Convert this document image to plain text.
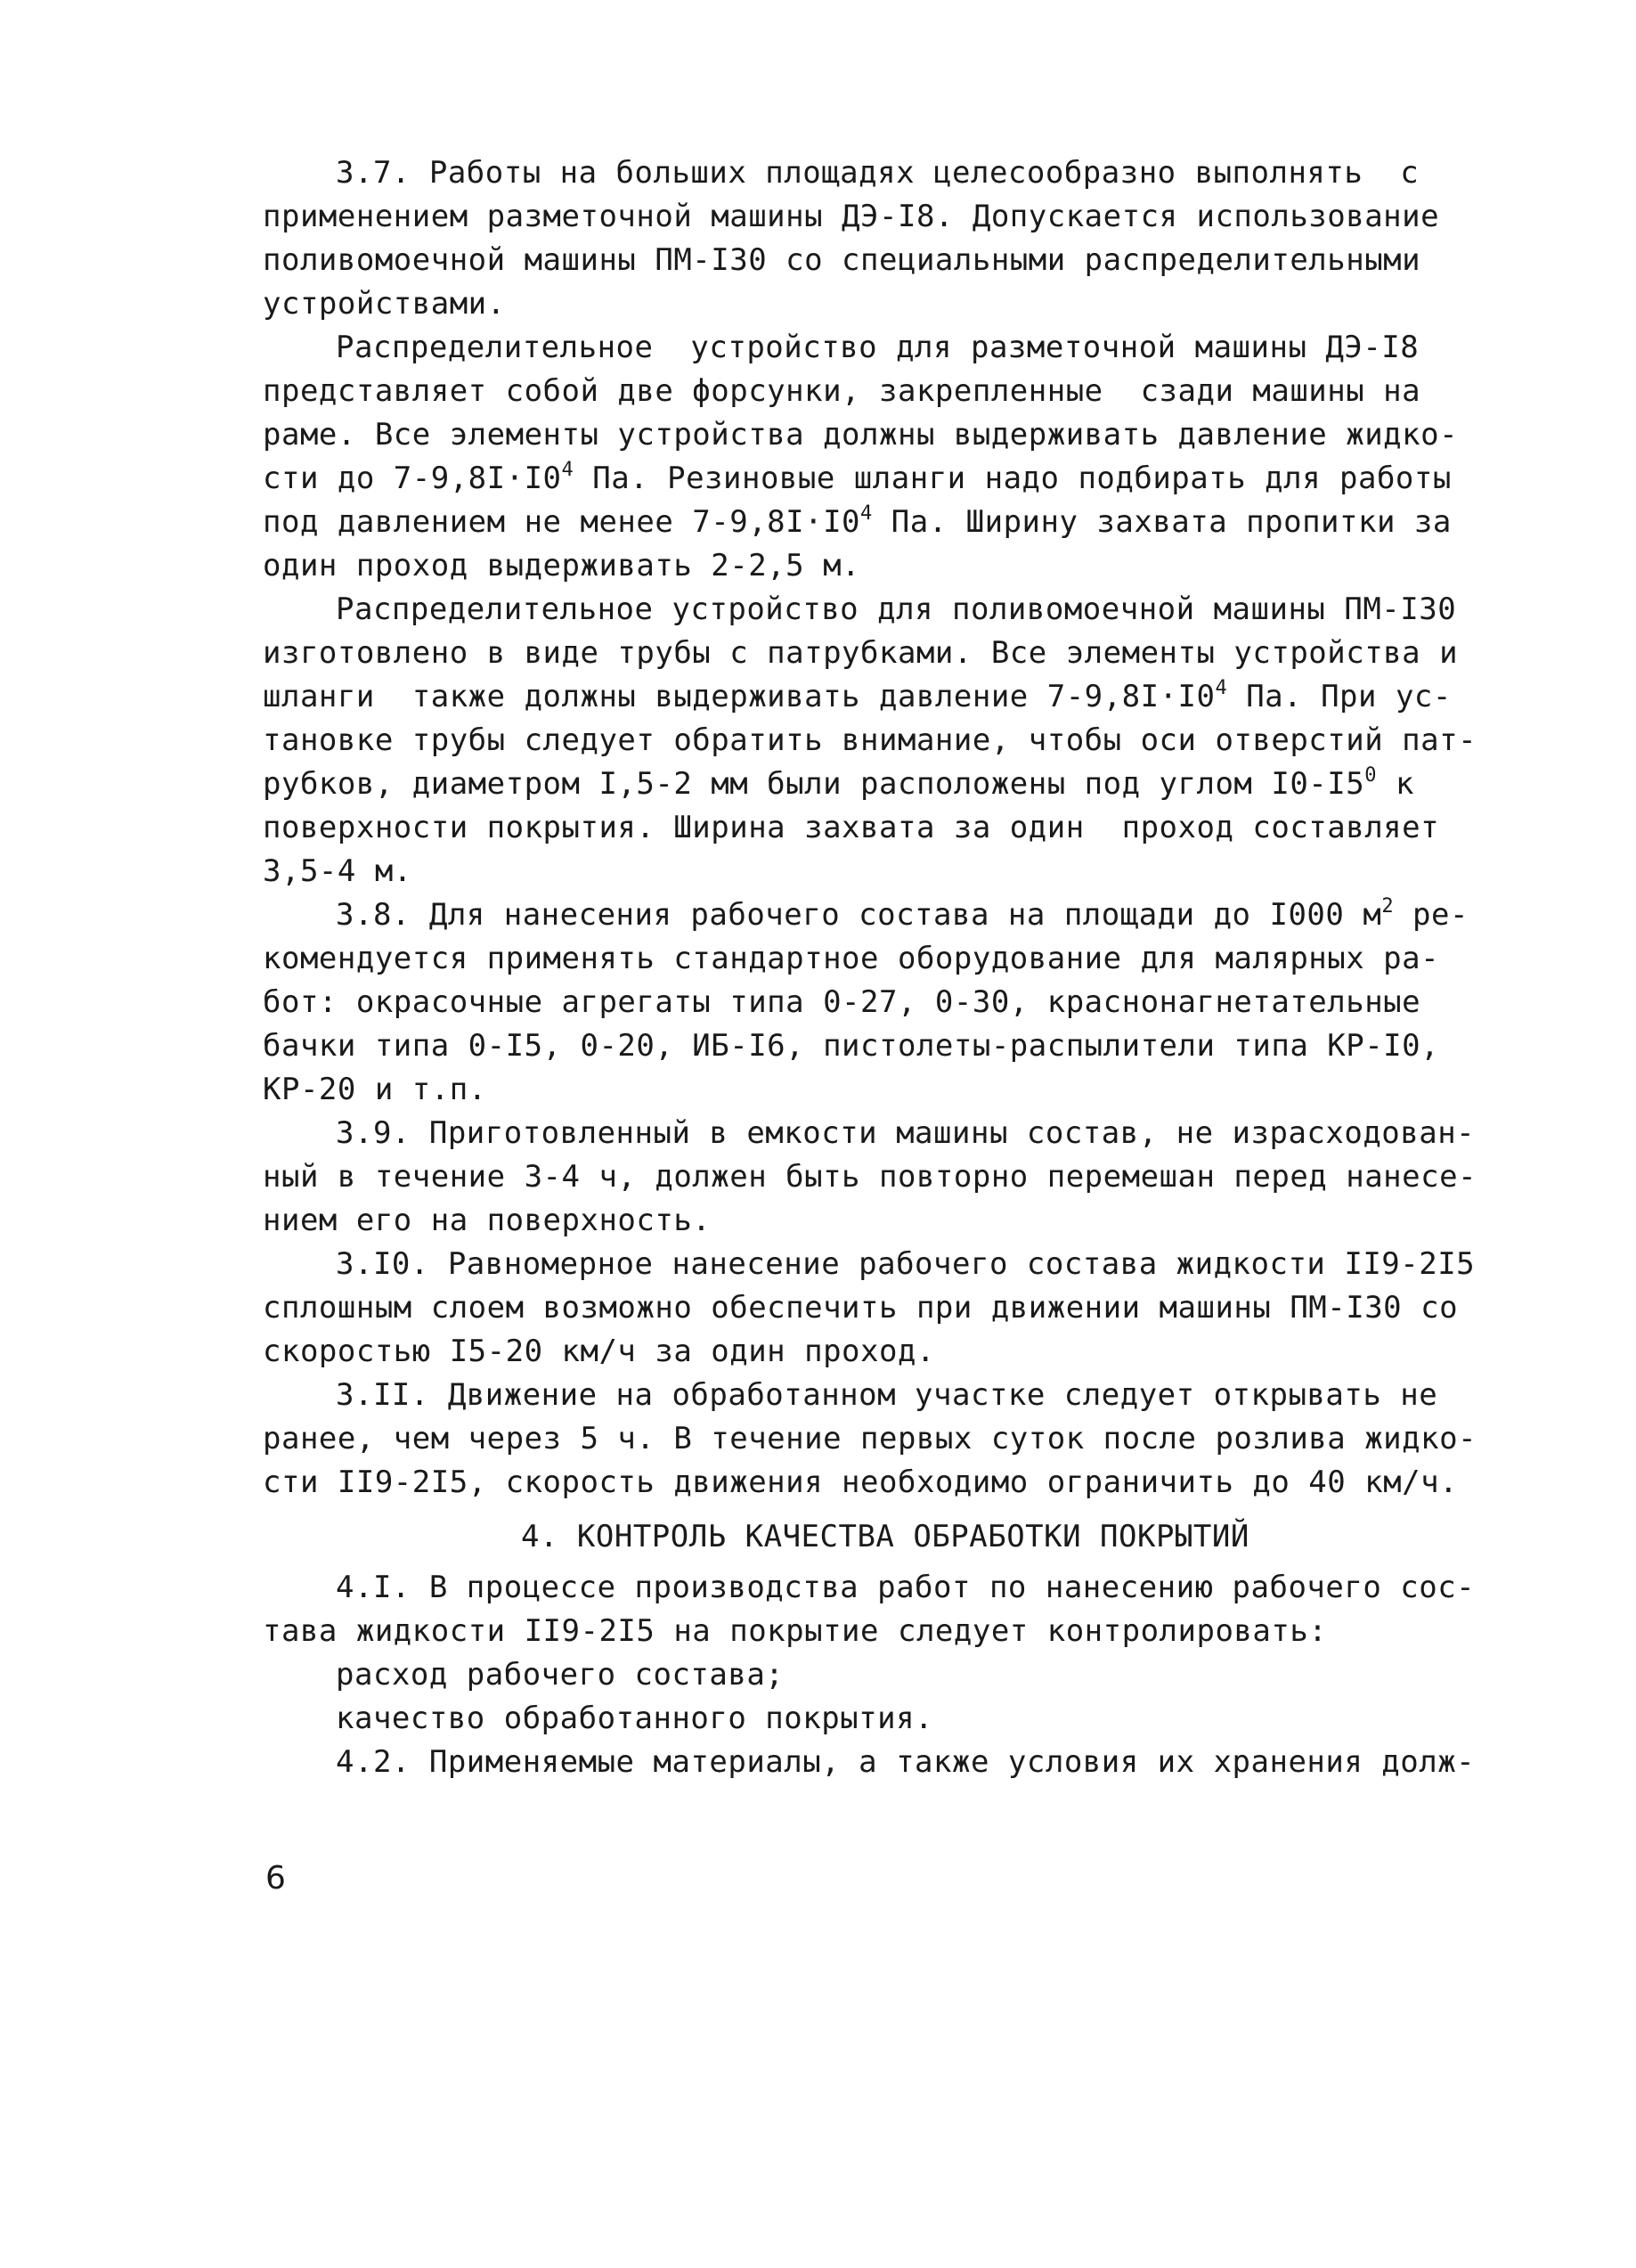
3.7. Работы на больших площадях целесообразно выполнять  с
применением разметочной машины ДЭ-I8. Допускается использование
поливомоечной машины ПМ-I30 со специальными распределительными
устройствами.
Распределительное  устройство для разметочной машины ДЭ-I8
представляет собой две форсунки, закрепленные  сзади машины на
раме. Все элементы устройства должны выдерживать давление жидко-
сти до $7-9,8I\cdot I0^4$ Па. Резиновые шланги надо подбирать для работы
под давлением не менее $7-9,8I\cdot I0^4$ Па. Ширину захвата пропитки за
один проход выдерживать 2-2,5 м.
Распределительное устройство для поливомоечной машины ПМ-I30
изготовлено в виде трубы с патрубками. Все элементы устройства и
шланги  также должны выдерживать давление $7-9,8I\cdot I0^4$ Па. При ус-
тановке трубы следует обратить внимание, чтобы оси отверстий пат-
рубков, диаметром I,5-2 мм были расположены под углом $I0-I5^0$ к
поверхности покрытия. Ширина захвата за один  проход составляет
3,5-4 м.
3.8. Для нанесения рабочего состава на площади до I000 $м^2$ ре-
комендуется применять стандартное оборудование для малярных ра-
бот: окрасочные агрегаты типа 0-27, 0-30, краснонагнетательные
бачки типа 0-I5, 0-20, ИБ-I6, пистолеты-распылители типа КР-I0,
КР-20 и т.п.
3.9. Приготовленный в емкости машины состав, не израсходован-
ный в течение 3-4 ч, должен быть повторно перемешан перед нанесе-
нием его на поверхность.
3.I0. Равномерное нанесение рабочего состава жидкости II9-2I5
сплошным слоем возможно обеспечить при движении машины ПМ-I30 со
скоростью I5-20 км/ч за один проход.
3.II. Движение на обработанном участке следует открывать не
ранее, чем через 5 ч. В течение первых суток после розлива жидко-
сти II9-2I5, скорость движения необходимо ограничить до 40 км/ч.
4. КОНТРОЛЬ КАЧЕСТВА ОБРАБОТКИ ПОКРЫТИЙ
4.I. В процессе производства работ по нанесению рабочего сос-
тава жидкости II9-2I5 на покрытие следует контролировать:
расход рабочего состава;
качество обработанного покрытия.
4.2. Применяемые материалы, а также условия их хранения долж-
6
